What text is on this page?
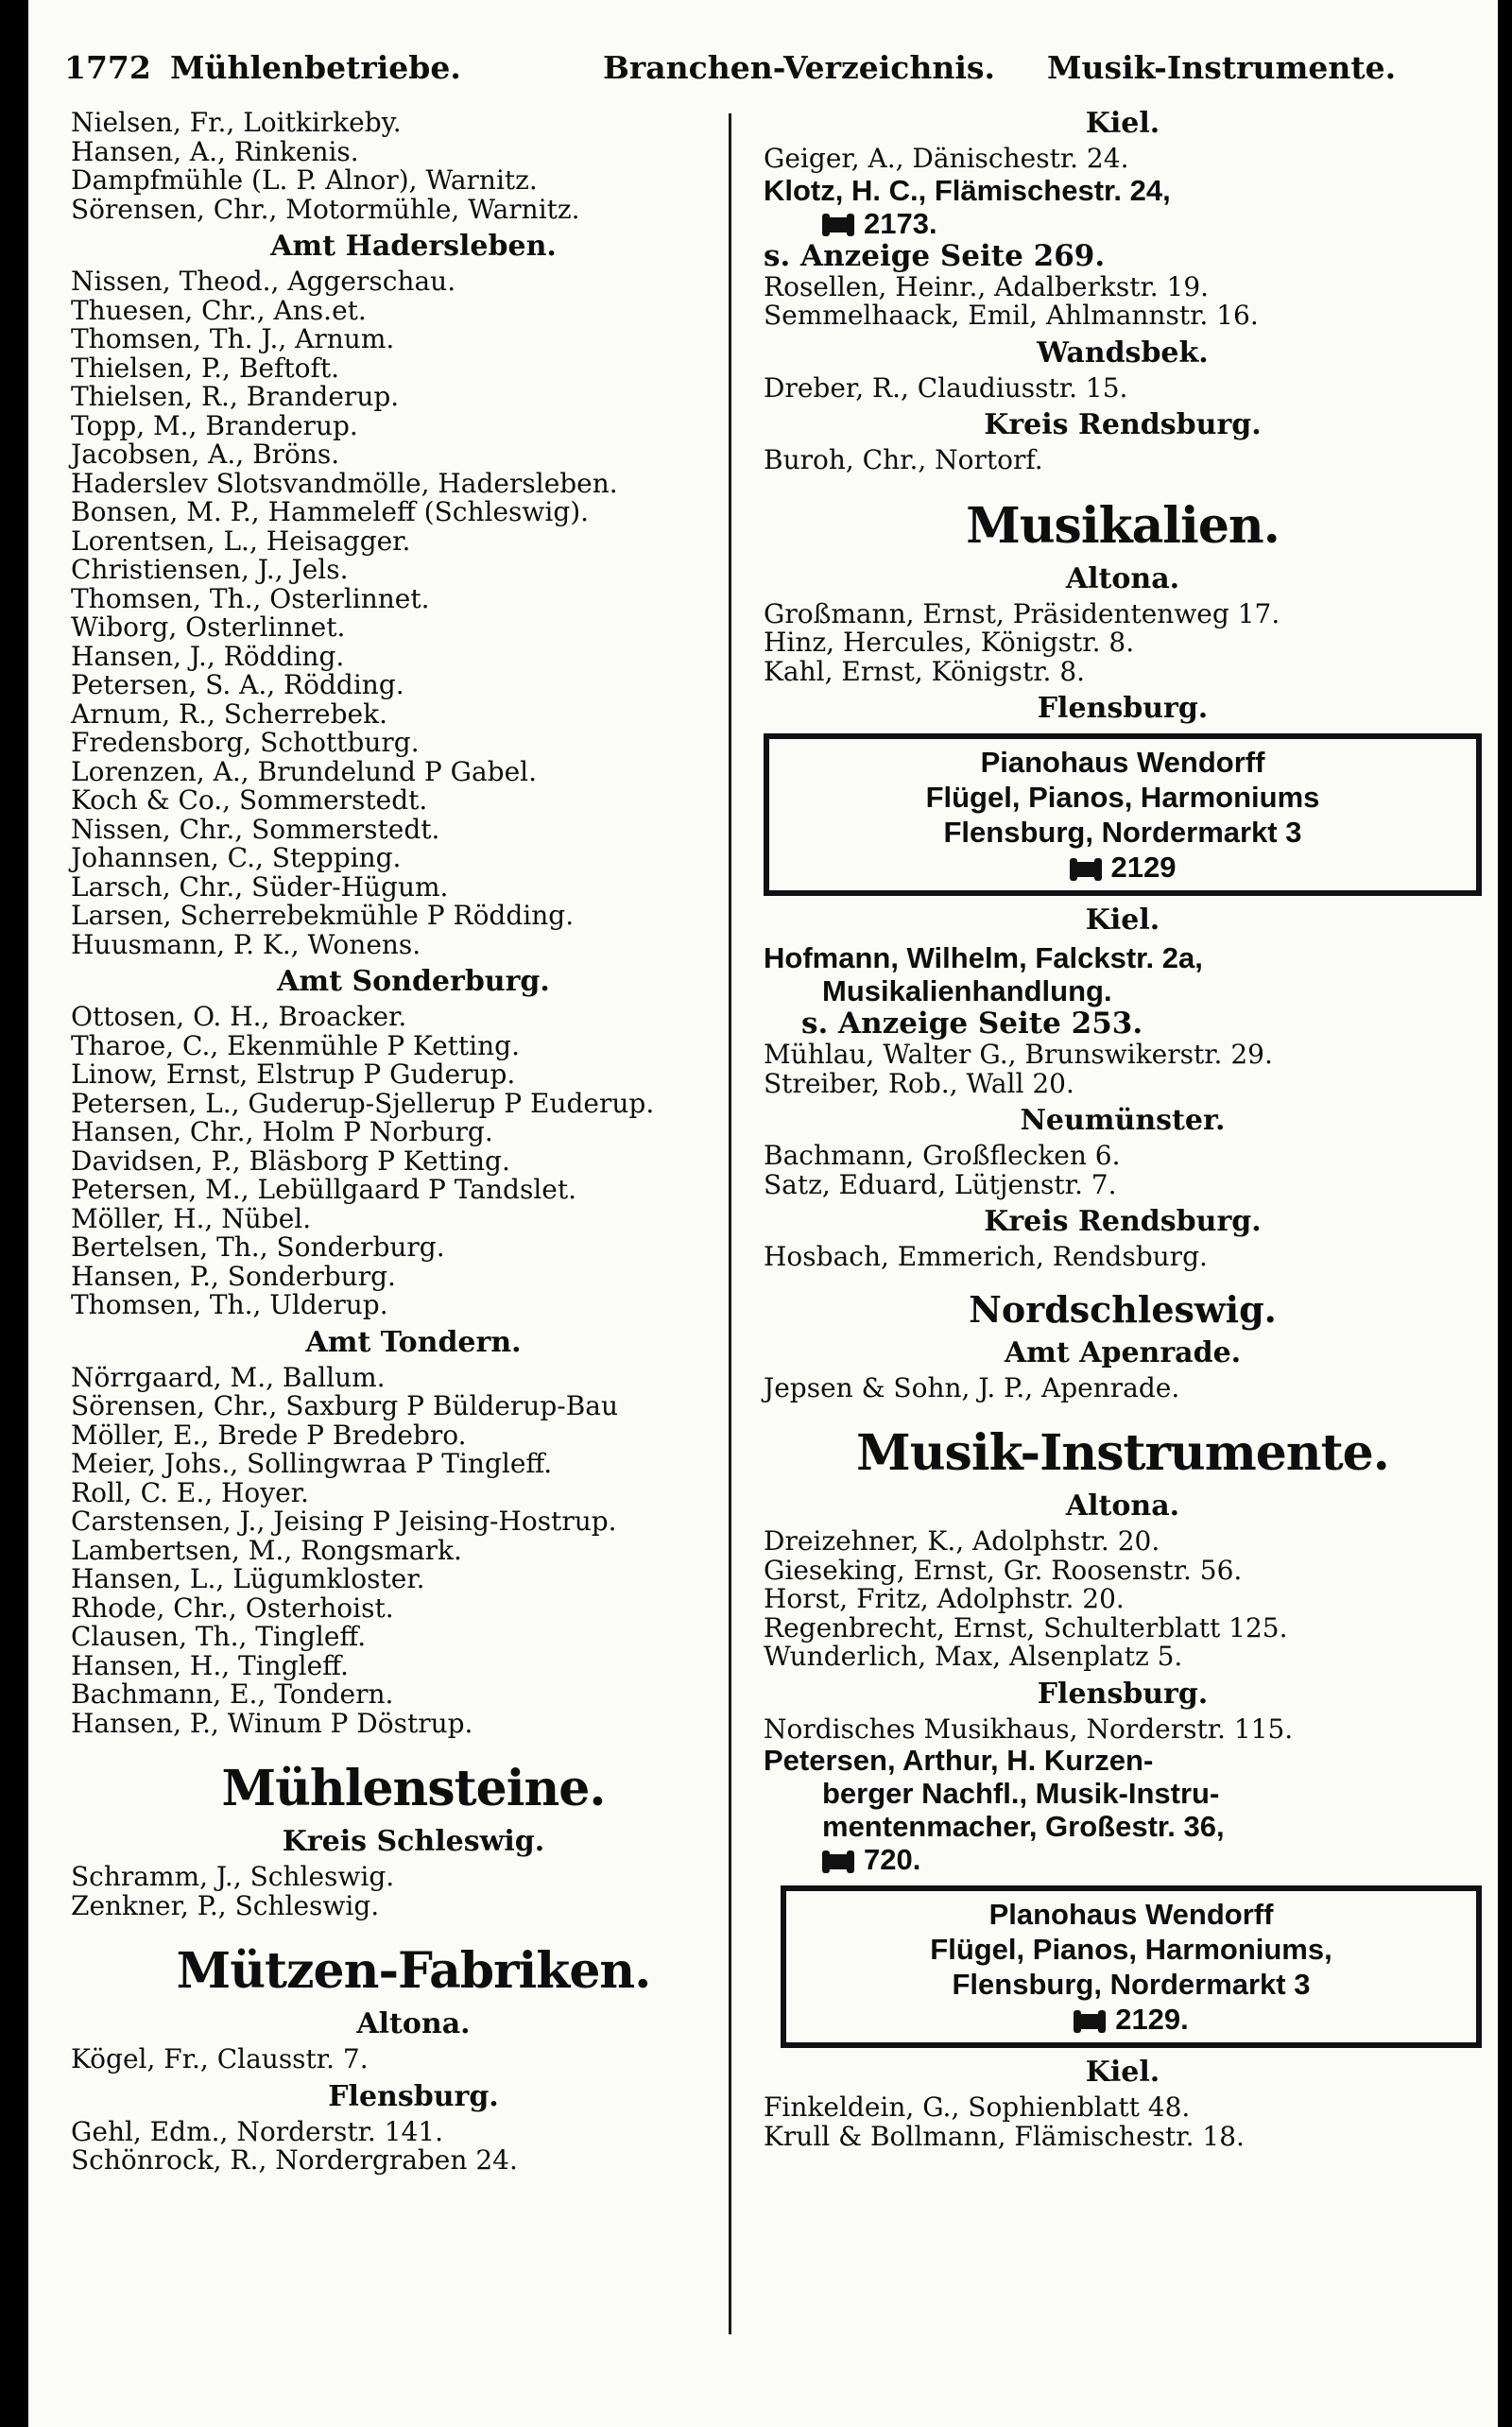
1772 Mühlenbetriebe.	Branchen-Verzeichnis. Musik-Instrumente.
Nielsen, Fr., Loitkirkeby.
Hansen, A., Rinkenis.
Dampfmühle (L. P. Alnor), Warnitz.
Sörensen, Chr., Motormühle, Warnitz.
Amt Hadersleben.
Nissen, Theod., Aggerschau.
Thuesen, Chr., Ans.et.
Thomsen, Th. J., Arnum.
Thielsen, P., Beftoft.
Thielsen, R., Branderup.
Topp, M., Branderup.
Jacobsen, A., Bröns.
Haderslev Slotsvandmölle, Hadersleben.
Bonsen, M. P., Hammeleff (Schleswig).
Lorentsen, L., Heisagger.
Christiensen, J., Jels.
Thomsen, Th., Osterlinnet.
Wiborg, Osterlinnet.
Hansen, J., Rödding.
Petersen, S. A., Rödding.
Arnum, R., Scherrebek.
Fredensborg, Schottburg.
Lorenzen, A., Brundelund P Gabel.
Koch & Co., Sommerstedt.
Nissen, Chr., Sommerstedt.
Johannsen, C., Stepping.
Larsch, Chr., Süder-Hügum.
Larsen, Scherrebekmühle P Rödding.
Huusmann, P. K., Wonens.
Amt Sonderburg.
Ottosen, O. H., Broacker.
Tharoe, C., Ekenmühle P Ketting.
Linow, Ernst, Elstrup P Guderup.
Petersen, L., Guderup-Sjellerup P Euderup.
Hansen, Chr., Holm P Norburg.
Davidsen, P., Bläsborg P Ketting.
Petersen, M., Lebüllgaard P Tandslet.
Möller, H., Nübel.
Bertelsen, Th., Sonderburg.
Hansen, P., Sonderburg.
Thomsen, Th., Ulderup.
Amt Tondern.
Nörrgaard, M., Ballum.
Sörensen, Chr., Saxburg P Bülderup-Bau
Möller, E., Brede P Bredebro.
Meier, Johs., Sollingwraa P Tingleff.
Roll, C. E., Hoyer.
Carstensen, J., Jeising P Jeising-Hostrup.
Lambertsen, M., Rongsmark.
Hansen, L., Lügumkloster.
Rhode, Chr., Osterhoist.
Clausen, Th., Tingleff.
Hansen, H., Tingleff.
Bachmann, E., Tondern.
Hansen, P., Winum P Döstrup.
Mühlensteine.
Kreis Schleswig.
Schramm, J., Schleswig.
Zenkner, P., Schleswig.
Mützen-Fabriken.
Altona.
Kögel, Fr., Clausstr. 7.
Flensburg.
Gehl, Edm., Norderstr. 141.
Schönrock, R., Nordergraben 24.
Kiel.
Geiger, A., Dänischestr. 24.
Klotz, H. C., Flämischestr. 24,
2173.
s. Anzeige Seite 269.
Rosellen, Heinr., Adalberkstr. 19.
Semmelhaack, Emil, Ahlmannstr. 16.
Wandsbek.
Dreber, R., Claudiusstr. 15.
Kreis Rendsburg.
Buroh, Chr., Nortorf.
Musikalien.
Altona.
Großmann, Ernst, Präsidentenweg 17.
Hinz, Hercules, Königstr. 8.
Kahl, Ernst, Königstr. 8.
Flensburg.
Pianohaus Wendorff
Flügel, Pianos, Harmoniums
Flensburg, Nordermarkt 3
2129
Kiel.
Hofmann, Wilhelm, Falckstr. 2a,
Musikalienhandlung.
s. Anzeige Seite 253.
Mühlau, Walter G., Brunswikerstr. 29.
Streiber, Rob., Wall 20.
Neumünster.
Bachmann, Großflecken 6.
Satz, Eduard, Lütjenstr. 7.
Kreis Rendsburg.
Hosbach, Emmerich, Rendsburg.
Nordschleswig.
Amt Apenrade.
Jepsen & Sohn, J. P., Apenrade.
Musik-Instrumente.
Altona.
Dreizehner, K., Adolphstr. 20.
Gieseking, Ernst, Gr. Roosenstr. 56.
Horst, Fritz, Adolphstr. 20.
Regenbrecht, Ernst, Schulterblatt 125.
Wunderlich, Max, Alsenplatz 5.
Flensburg.
Nordisches Musikhaus, Norderstr. 115.
Petersen, Arthur, H. Kurzen-
berger Nachfl., Musik-Instru-
mentenmacher, Großestr. 36,
720.
Planohaus Wendorff
Flügel, Pianos, Harmoniums,
Flensburg, Nordermarkt 3
2129.
Kiel.
Finkeldein, G., Sophienblatt 48.
Krull & Bollmann, Flämischestr. 18.
